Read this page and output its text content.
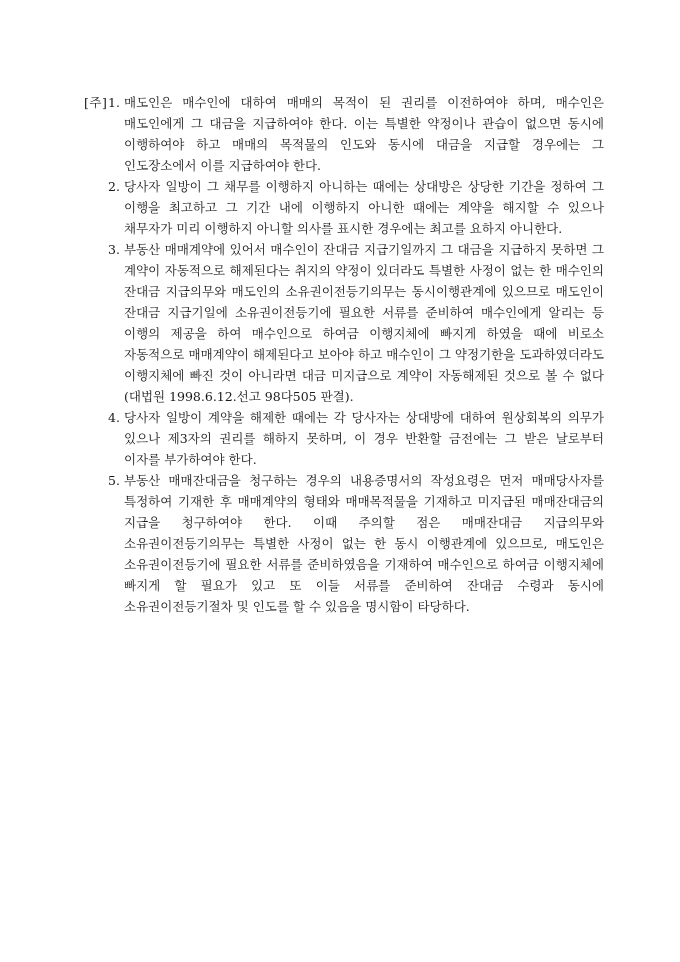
[주] 1. 매도인은 매수인에 대하여 매매의 목적이 된 권리를 이전하여야 하며, 매수인은 매도인에게 그 대금을 지급하여야 한다. 이는 특별한 약정이나 관습이 없으면 동시에 이행하여야 하고 매매의 목적물의 인도와 동시에 대금을 지급할 경우에는 그 인도장소에서 이를 지급하여야 한다.

2. 당사자 일방이 그 채무를 이행하지 아니하는 때에는 상대방은 상당한 기간을 정하여 그 이행을 최고하고 그 기간 내에 이행하지 아니한 때에는 계약을 해지할 수 있으나 채무자가 미리 이행하지 아니할 의사를 표시한 경우에는 최고를 요하지 아니한다.

3. 부동산 매매계약에 있어서 매수인이 잔대금 지급기일까지 그 대금을 지급하지 못하면 그 계약이 자동적으로 해제된다는 취지의 약정이 있더라도 특별한 사정이 없는 한 매수인의 잔대금 지급의무와 매도인의 소유권이전등기의무는 동시이행관계에 있으므로 매도인이 잔대금 지급기일에 소유권이전등기에 필요한 서류를 준비하여 매수인에게 알리는 등 이행의 제공을 하여 매수인으로 하여금 이행지체에 빠지게 하였을 때에 비로소 자동적으로 매매계약이 해제된다고 보아야 하고 매수인이 그 약정기한을 도과하였더라도 이행지체에 빠진 것이 아니라면 대금 미지급으로 계약이 자동해제된 것으로 볼 수 없다(대법원 1998.6.12.선고 98다505 판결).

4. 당사자 일방이 계약을 해제한 때에는 각 당사자는 상대방에 대하여 원상회복의 의무가 있으나 제3자의 권리를 해하지 못하며, 이 경우 반환할 금전에는 그 받은 날로부터 이자를 부가하여야 한다.

5. 부동산 매매잔대금을 청구하는 경우의 내용증명서의 작성요령은 먼저 매매당사자를 특정하여 기재한 후 매매계약의 형태와 매매목적물을 기재하고 미지급된 매매잔대금의 지급을 청구하여야 한다. 이때 주의할 점은 매매잔대금 지급의무와 소유권이전등기의무는 특별한 사정이 없는 한 동시 이행관계에 있으므로, 매도인은 소유권이전등기에 필요한 서류를 준비하였음을 기재하여 매수인으로 하여금 이행지체에 빠지게 할 필요가 있고 또 이들 서류를 준비하여 잔대금 수령과 동시에 소유권이전등기절차 및 인도를 할 수 있음을 명시함이 타당하다.
